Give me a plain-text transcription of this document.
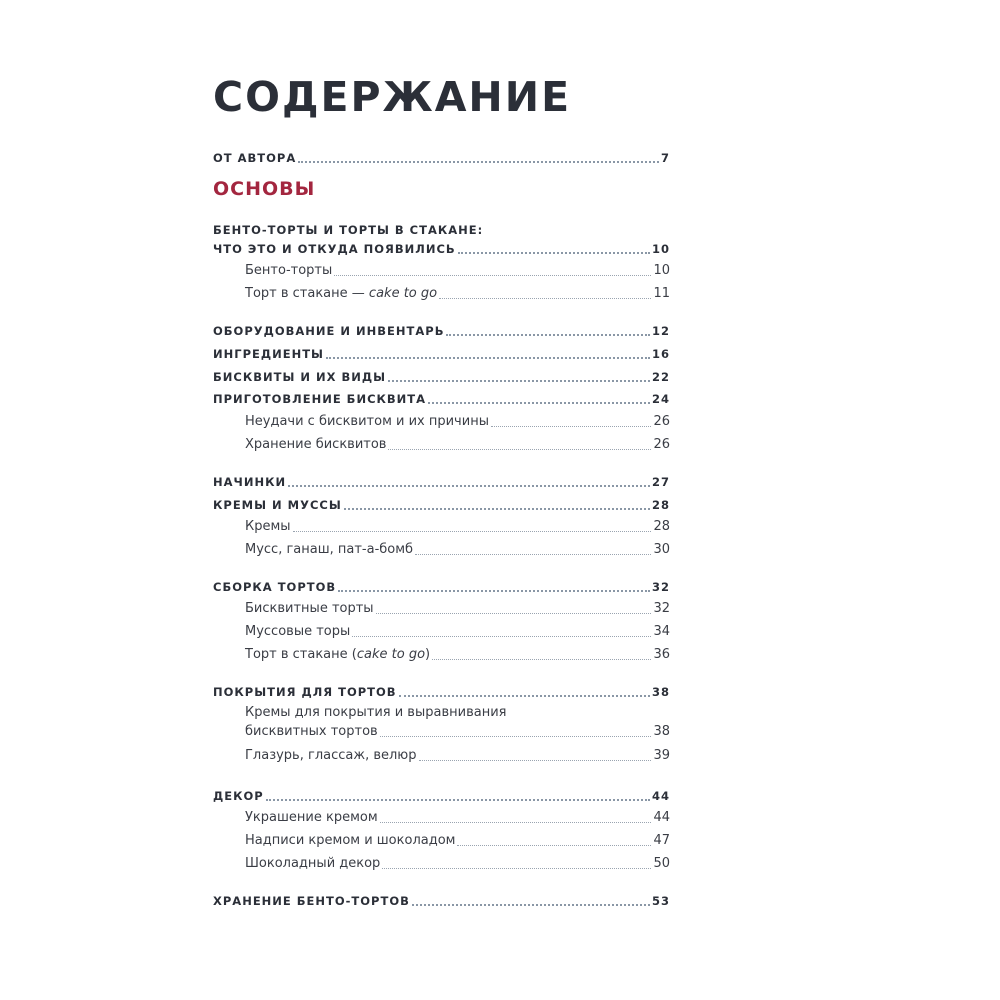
СОДЕРЖАНИЕ
ОТ АВТОРА	7
ОСНОВЫ
БЕНТО-ТОРТЫ И ТОРТЫ В СТАКАНЕ:
ЧТО ЭТО И ОТКУДА ПОЯВИЛИСЬ	10
Бенто-торты	10
Торт в стакане — cake to go	11
ОБОРУДОВАНИЕ И ИНВЕНТАРЬ	12
ИНГРЕДИЕНТЫ	16
БИСКВИТЫ И ИХ ВИДЫ	22
ПРИГОТОВЛЕНИЕ БИСКВИТА	24
Неудачи с бисквитом и их причины	26
Хранение бисквитов	26
НАЧИНКИ	27
КРЕМЫ И МУССЫ	28
Кремы	28
Мусс, ганаш, пат-а-бомб	30
СБОРКА ТОРТОВ	32
Бисквитные торты	32
Муссовые торы	34
Торт в стакане (cake to go)	36
ПОКРЫТИЯ ДЛЯ ТОРТОВ	38
Кремы для покрытия и выравнивания
бисквитных тортов	38
Глазурь, глассаж, велюр	39
ДЕКОР	44
Украшение кремом	44
Надписи кремом и шоколадом	47
Шоколадный декор	50
ХРАНЕНИЕ БЕНТО-ТОРТОВ	53
